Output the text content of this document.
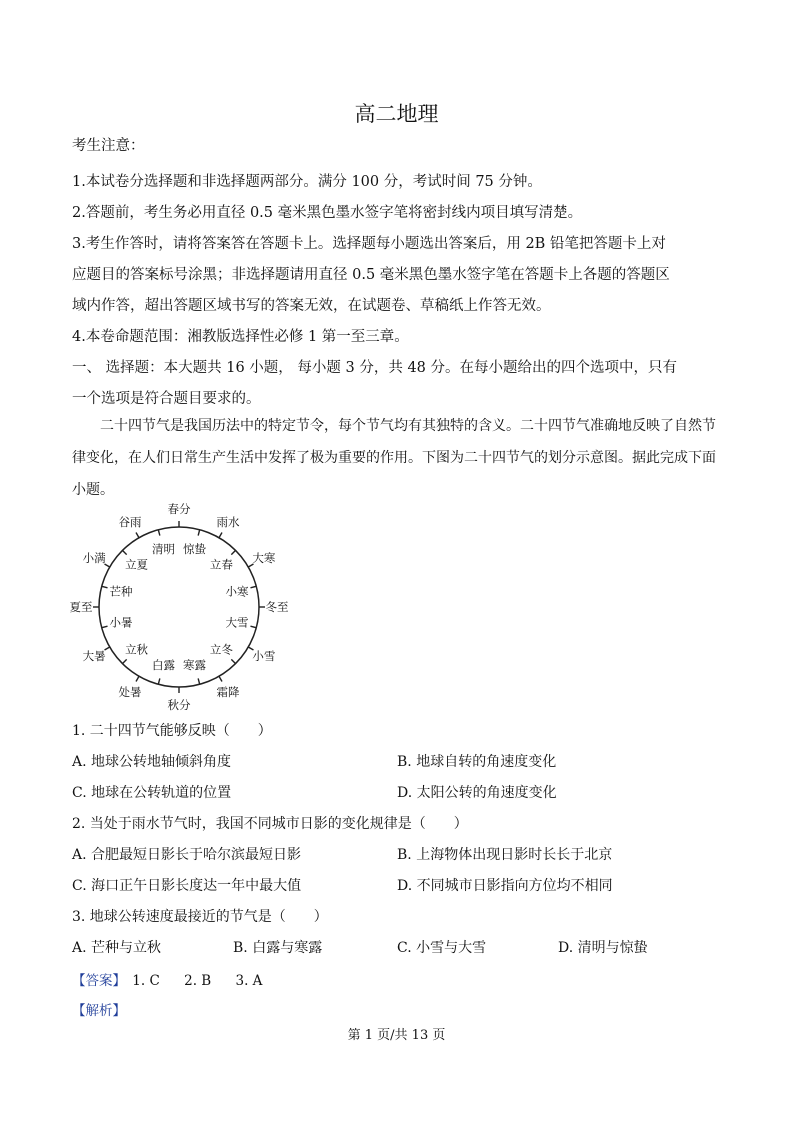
高二地理
考生注意：
1.本试卷分选择题和非选择题两部分。满分 100 分，考试时间 75 分钟。
2.答题前，考生务必用直径 0.5 毫米黑色墨水签字笔将密封线内项目填写清楚。
3.考生作答时，请将答案答在答题卡上。选择题每小题选出答案后，用 2B 铅笔把答题卡上对
应题目的答案标号涂黑；非选择题请用直径 0.5 毫米黑色墨水签字笔在答题卡上各题的答题区
域内作答，超出答题区域书写的答案无效，在试题卷、草稿纸上作答无效。
4.本卷命题范围：湘教版选择性必修 1 第一至三章。
一、 选择题：本大题共 16 小题， 每小题 3 分，共 48 分。在每小题给出的四个选项中，只有
一个选项是符合题目要求的。
二十四节气是我国历法中的特定节令，每个节气均有其独特的含义。二十四节气准确地反映了自然节律变化，在人们日常生产生活中发挥了极为重要的作用。下图为二十四节气的划分示意图。据此完成下面小题。
春分
雨水
大寒
冬至
小雪
霜降
秋分
处暑
大暑
夏至
小满
谷雨
惊蛰
立春
小寒
大雪
立冬
寒露
白露
立秋
小暑
芒种
立夏
清明
1. 二十四节气能够反映（　　）
A. 地球公转地轴倾斜角度	B. 地球自转的角速度变化
C. 地球在公转轨道的位置	D. 太阳公转的角速度变化
2. 当处于雨水节气时，我国不同城市日影的变化规律是（　　）
A. 合肥最短日影长于哈尔滨最短日影	B. 上海物体出现日影时长长于北京
C. 海口正午日影长度达一年中最大值	D. 不同城市日影指向方位均不相同
3. 地球公转速度最接近的节气是（　　）
A. 芒种与立秋	B. 白露与寒露	C. 小雪与大雪	D. 清明与惊蛰
【答案】 1. C 2. B 3. A
【解析】
第 1 页/共 13 页
